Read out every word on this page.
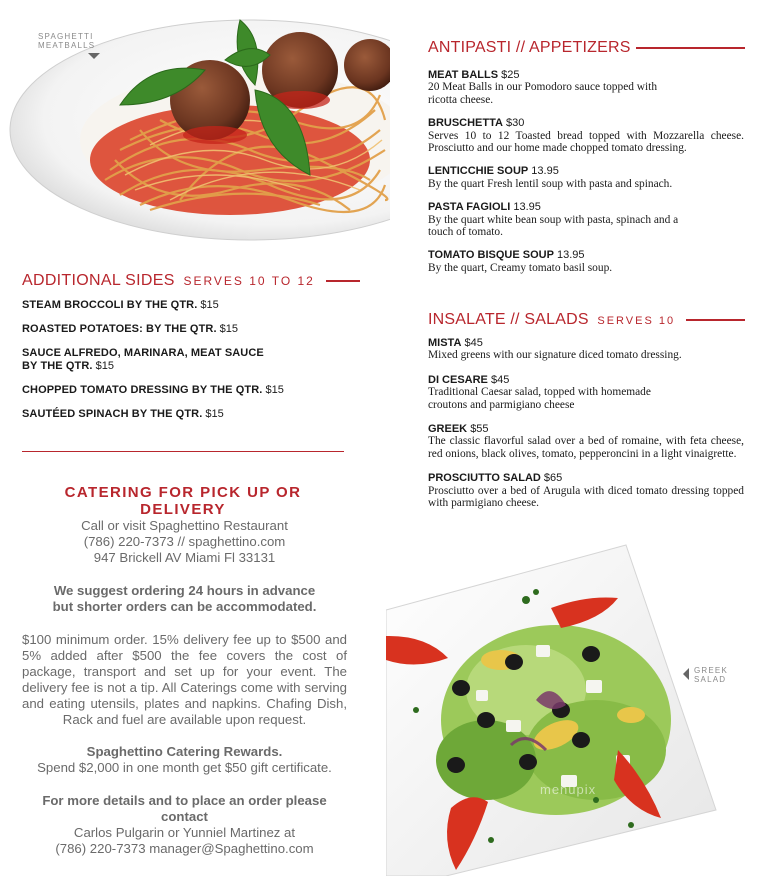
SPAGHETTI
MEATBALLS
ADDITIONAL SIDES SERVES 10 TO 12
STEAM BROCCOLI BY THE QTR. $15
ROASTED POTATOES: BY THE QTR. $15
SAUCE ALFREDO, MARINARA, MEAT SAUCE BY THE QTR. $15
CHOPPED TOMATO DRESSING BY THE QTR. $15
SAUTÉED SPINACH BY THE QTR. $15
CATERING FOR PICK UP OR DELIVERY
Call or visit Spaghettino Restaurant
(786) 220-7373 // spaghettino.com
947 Brickell AV Miami Fl 33131
We suggest ordering 24 hours in advance
but shorter orders can be accommodated.
$100 minimum order. 15% delivery fee up to $500 and 5% added after $500 the fee covers the cost of package, transport and set up for your event. The delivery fee is not a tip. All Caterings come with serving and eating utensils, plates and napkins. Chafing Dish, Rack and fuel are available upon request.
Spaghettino Catering Rewards.
Spend $2,000 in one month get $50 gift certificate.
For more details and to place an order please contact
Carlos Pulgarin or Yunniel Martinez at
(786) 220-7373 manager@Spaghettino.com
ANTIPASTI // APPETIZERS
MEAT BALLS $25
20 Meat Balls in our Pomodoro sauce topped with ricotta cheese.
BRUSCHETTA $30
Serves 10 to 12 Toasted bread topped with Mozzarella cheese. Prosciutto and our home made chopped tomato dressing.
LENTICCHIE SOUP 13.95
By the quart Fresh lentil soup with pasta and spinach.
PASTA FAGIOLI 13.95
By the quart white bean soup with pasta, spinach and a touch of tomato.
TOMATO BISQUE SOUP 13.95
By the quart, Creamy tomato basil soup.
INSALATE // SALADS SERVES 10
MISTA $45
Mixed greens with our signature diced tomato dressing.
DI CESARE $45
Traditional Caesar salad, topped with homemade croutons and parmigiano cheese
GREEK $55
The classic flavorful salad over a bed of romaine, with feta cheese, red onions, black olives, tomato, pepperoncini in a light vinaigrette.
PROSCIUTTO SALAD $65
Prosciutto over a bed of Arugula with diced tomato dressing topped with parmigiano cheese.
menupix
GREEK
SALAD
